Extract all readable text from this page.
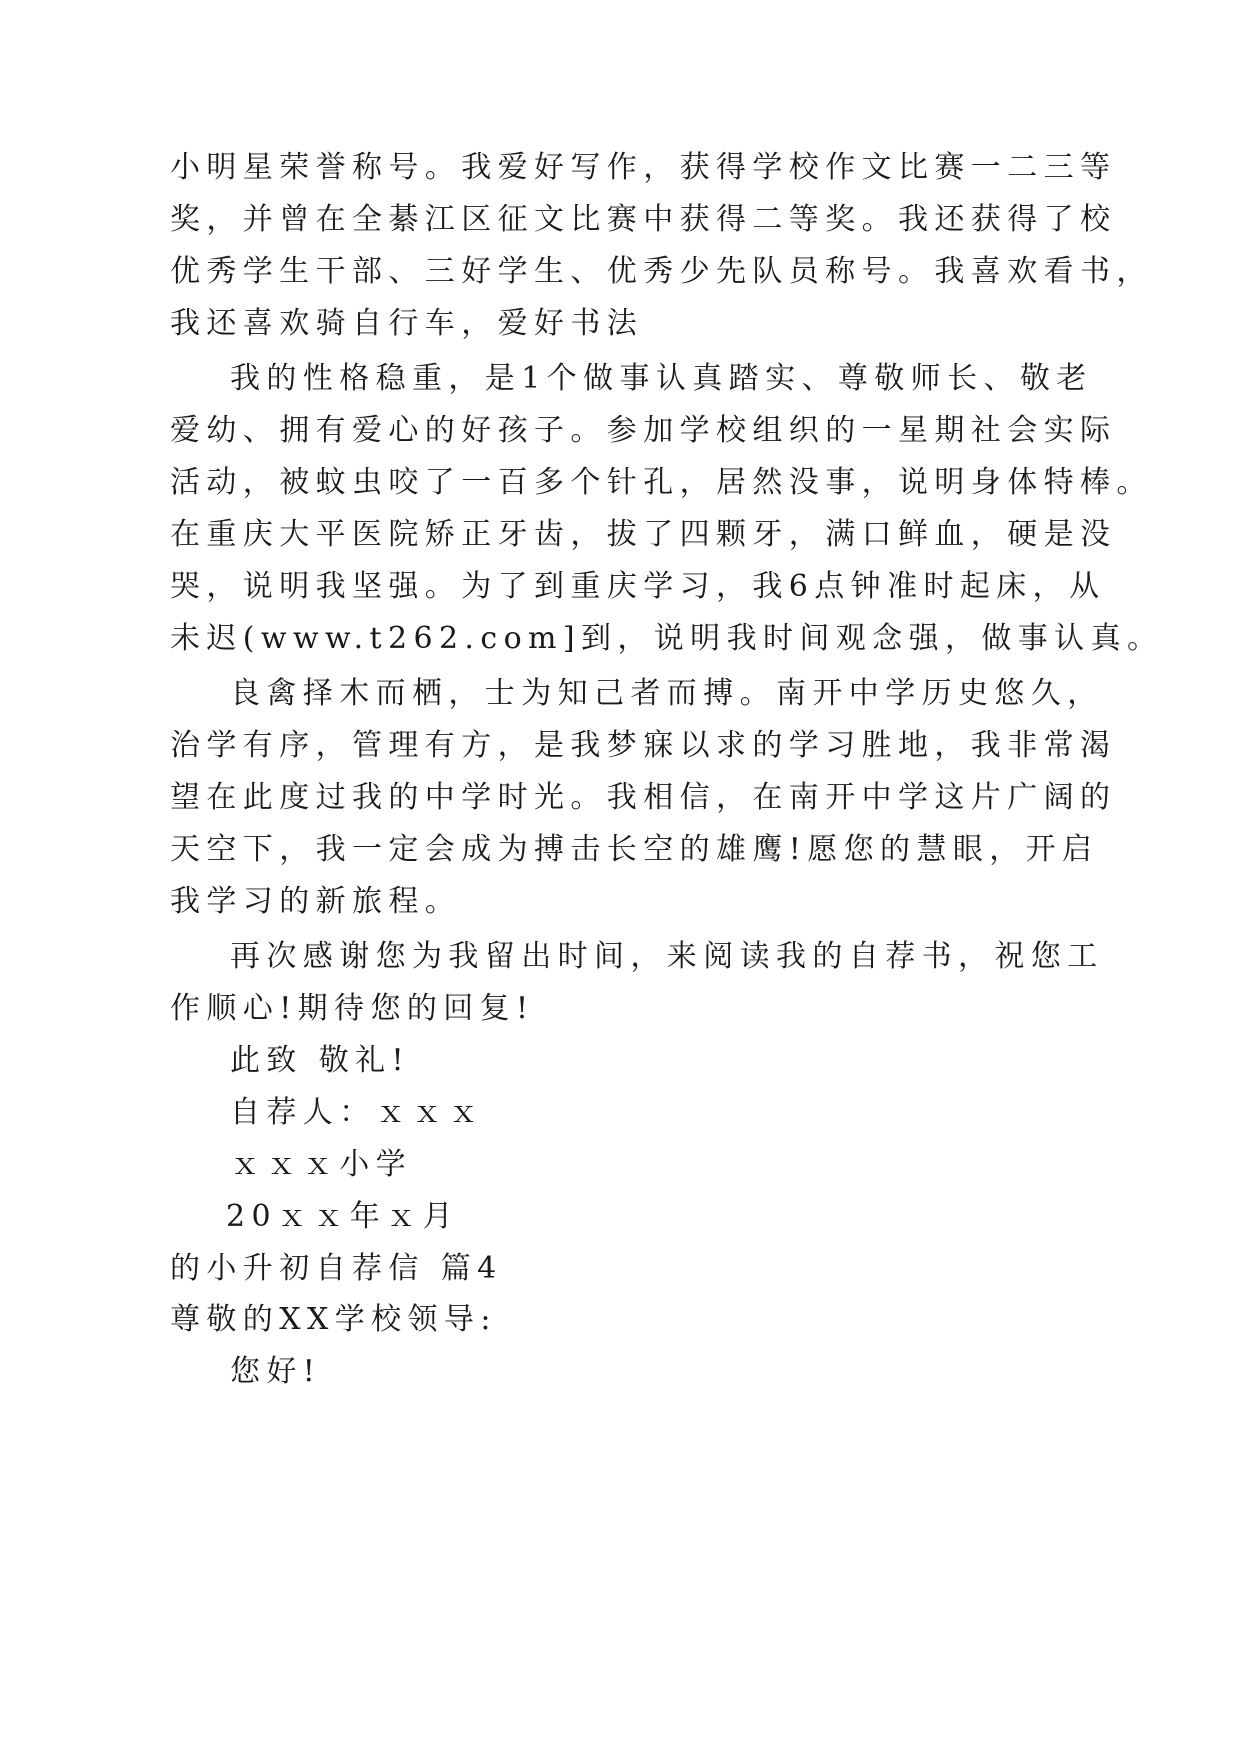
小明星荣誉称号。我爱好写作，获得学校作文比赛一二三等
奖，并曾在全綦江区征文比赛中获得二等奖。我还获得了校
优秀学生干部、三好学生、优秀少先队员称号。我喜欢看书，
我还喜欢骑自行车，爱好书法
我的性格稳重，是1个做事认真踏实、尊敬师长、敬老
爱幼、拥有爱心的好孩子。参加学校组织的一星期社会实际
活动，被蚊虫咬了一百多个针孔，居然没事，说明身体特棒。
在重庆大平医院矫正牙齿，拔了四颗牙，满口鲜血，硬是没
哭，说明我坚强。为了到重庆学习，我6点钟准时起床，从
未迟(www.t262.com]到，说明我时间观念强，做事认真。
良禽择木而栖，士为知己者而搏。南开中学历史悠久，
治学有序，管理有方，是我梦寐以求的学习胜地，我非常渴
望在此度过我的中学时光。我相信，在南开中学这片广阔的
天空下，我一定会成为搏击长空的雄鹰!愿您的慧眼，开启
我学习的新旅程。
再次感谢您为我留出时间，来阅读我的自荐书，祝您工
作顺心!期待您的回复!
此致 敬礼!
自荐人：ｘｘｘ
ｘｘｘ小学
20ｘｘ年ｘ月
的小升初自荐信 篇4
尊敬的XX学校领导:
您好!
